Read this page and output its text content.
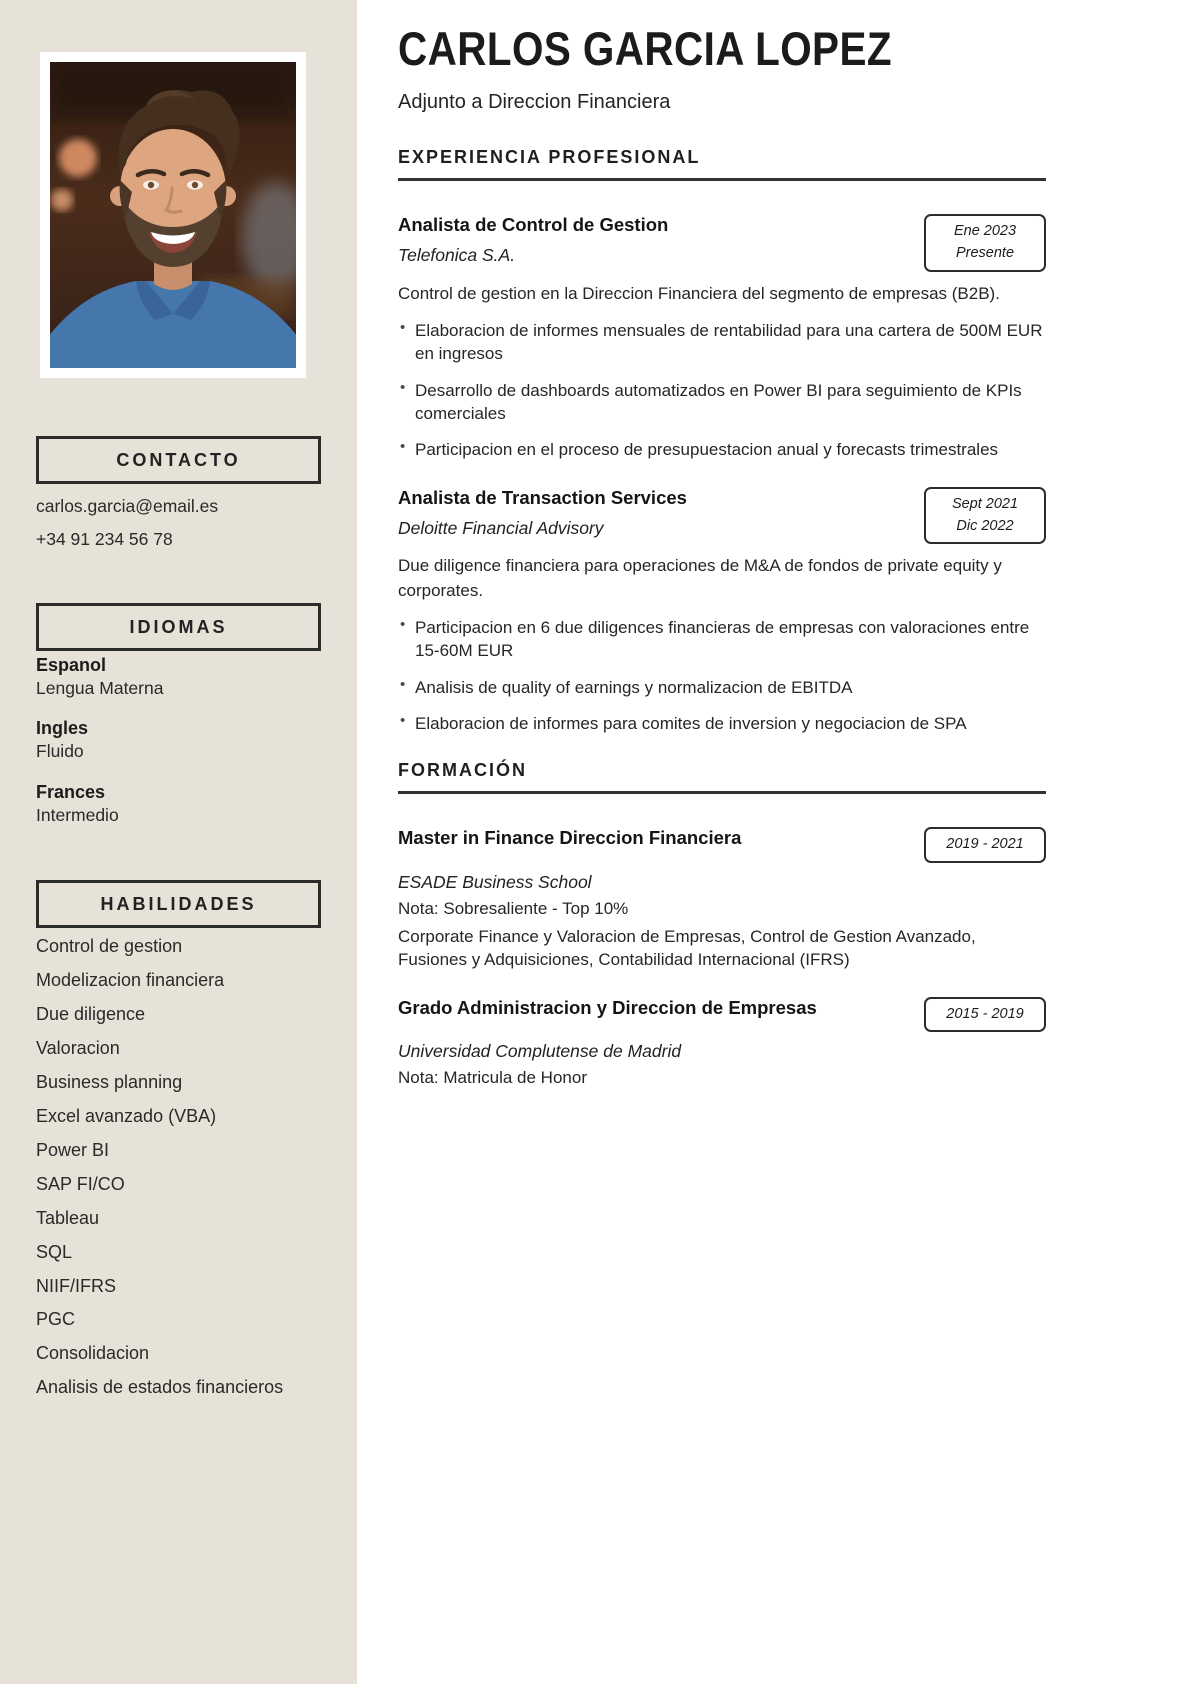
CONTACTO
carlos.garcia@email.es
+34 91 234 56 78
IDIOMAS
Espanol
Lengua Materna
Ingles
Fluido
Frances
Intermedio
HABILIDADES
Control de gestion
Modelizacion financiera
Due diligence
Valoracion
Business planning
Excel avanzado (VBA)
Power BI
SAP FI/CO
Tableau
SQL
NIIF/IFRS
PGC
Consolidacion
Analisis de estados financieros
CARLOS GARCIA LOPEZ
Adjunto a Direccion Financiera
EXPERIENCIA PROFESIONAL
Analista de Control de Gestion
Telefonica S.A.
Ene 2023
Presente

Control de gestion en la Direccion Financiera del segmento de empresas (B2B).

• Elaboracion de informes mensuales de rentabilidad para una cartera de 500M EUR en ingresos
• Desarrollo de dashboards automatizados en Power BI para seguimiento de KPIs comerciales
• Participacion en el proceso de presupuestacion anual y forecasts trimestrales
Analista de Transaction Services
Deloitte Financial Advisory
Sept 2021
Dic 2022

Due diligence financiera para operaciones de M&A de fondos de private equity y corporates.

• Participacion en 6 due diligences financieras de empresas con valoraciones entre 15-60M EUR
• Analisis de quality of earnings y normalizacion de EBITDA
• Elaboracion de informes para comites de inversion y negociacion de SPA
FORMACIÓN
Master in Finance Direccion Financiera	2019 - 2021
ESADE Business School
Nota: Sobresaliente - Top 10%
Corporate Finance y Valoracion de Empresas, Control de Gestion Avanzado, Fusiones y Adquisiciones, Contabilidad Internacional (IFRS)
Grado Administracion y Direccion de Empresas	2015 - 2019
Universidad Complutense de Madrid
Nota: Matricula de Honor
